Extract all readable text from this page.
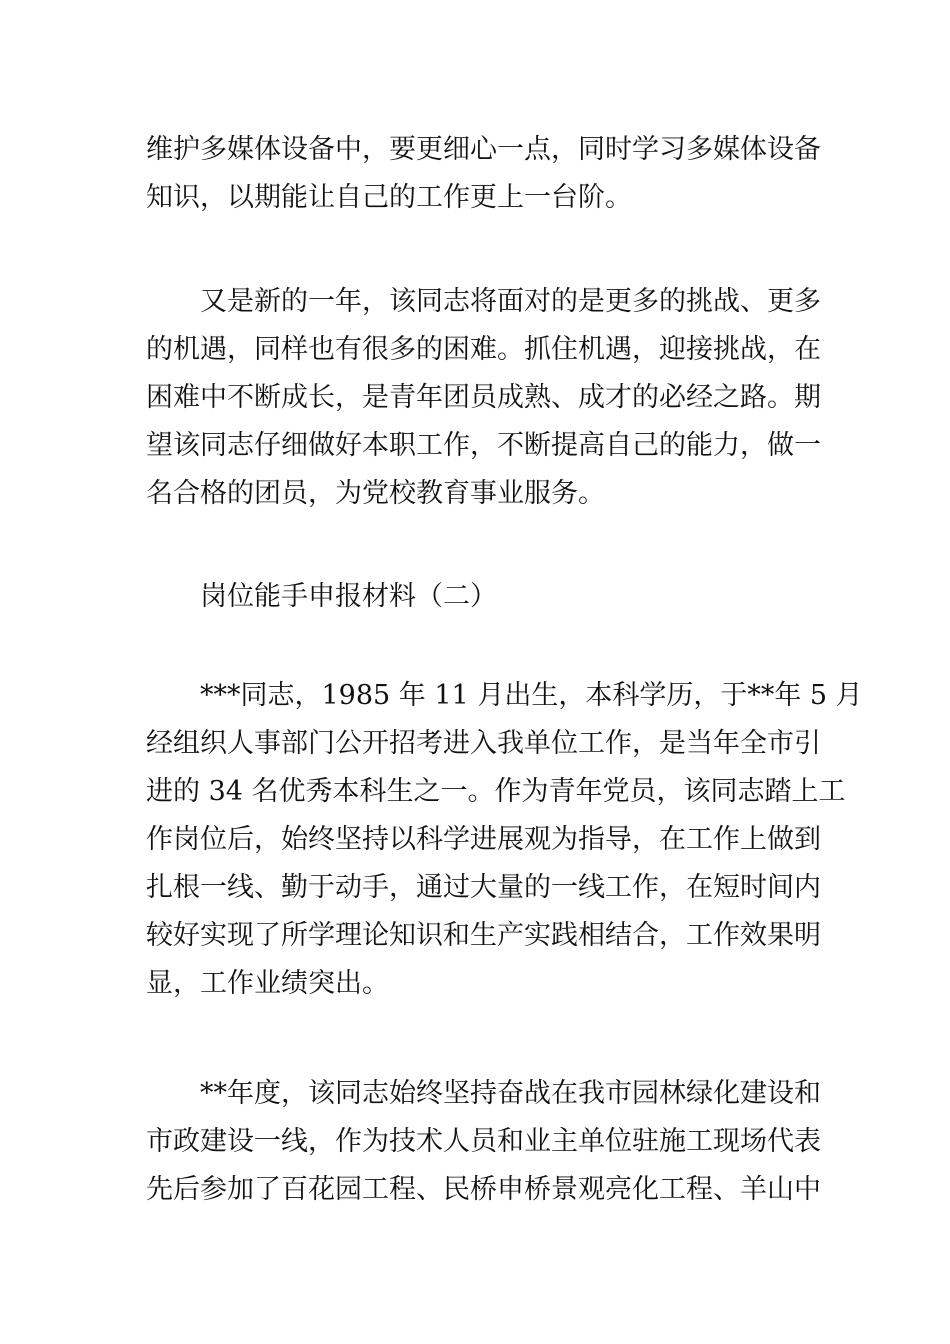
维护多媒体设备中，要更细心一点，同时学习多媒体设备
知识，以期能让自己的工作更上一台阶。
又是新的一年，该同志将面对的是更多的挑战、更多
的机遇，同样也有很多的困难。抓住机遇，迎接挑战，在
困难中不断成长，是青年团员成熟、成才的必经之路。期
望该同志仔细做好本职工作，不断提高自己的能力，做一
名合格的团员，为党校教育事业服务。
岗位能手申报材料（二）
***同志，1985 年 11 月出生，本科学历，于**年 5 月
经组织人事部门公开招考进入我单位工作，是当年全市引
进的 34 名优秀本科生之一。作为青年党员，该同志踏上工
作岗位后，始终坚持以科学进展观为指导，在工作上做到
扎根一线、勤于动手，通过大量的一线工作，在短时间内
较好实现了所学理论知识和生产实践相结合，工作效果明
显，工作业绩突出。
**年度，该同志始终坚持奋战在我市园林绿化建设和
市政建设一线，作为技术人员和业主单位驻施工现场代表
先后参加了百花园工程、民桥申桥景观亮化工程、羊山中
